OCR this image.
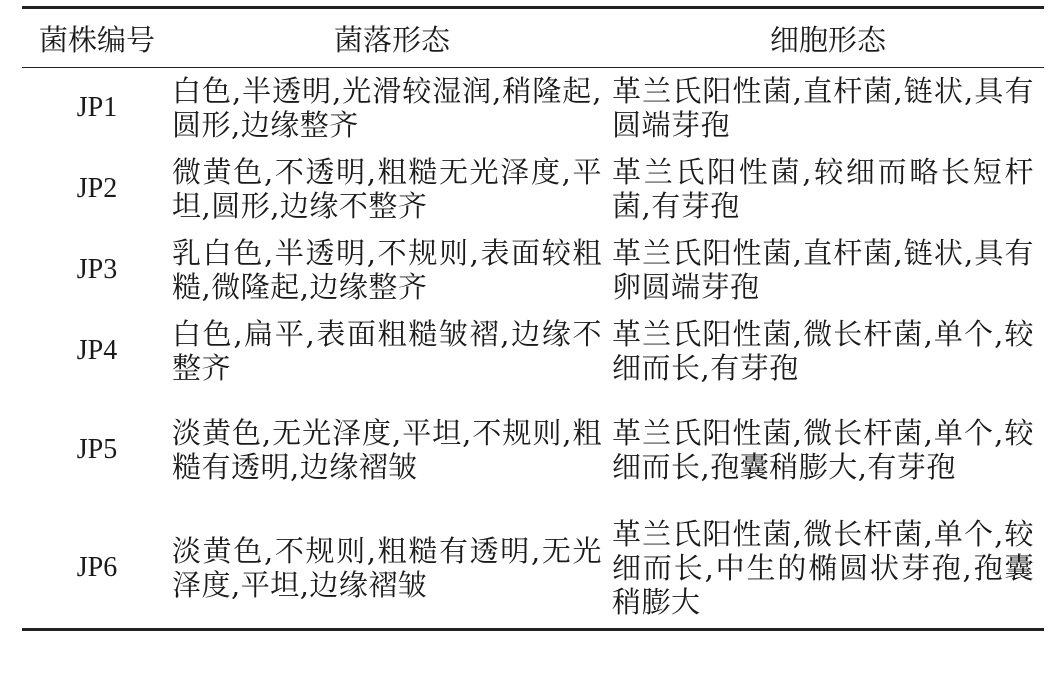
菌株编号	菌落形态	细胞形态
JP1	白色,半透明,光滑较湿润,稍隆起,圆形,边缘整齐	革兰氏阳性菌,直杆菌,链状,具有圆端芽孢
JP2	微黄色,不透明,粗糙无光泽度,平坦,圆形,边缘不整齐	革兰氏阳性菌,较细而略长短杆菌,有芽孢
JP3	乳白色,半透明,不规则,表面较粗糙,微隆起,边缘整齐	革兰氏阳性菌,直杆菌,链状,具有卵圆端芽孢
JP4	白色,扁平,表面粗糙皱褶,边缘不整齐	革兰氏阳性菌,微长杆菌,单个,较细而长,有芽孢
JP5	淡黄色,无光泽度,平坦,不规则,粗糙有透明,边缘褶皱	革兰氏阳性菌,微长杆菌,单个,较细而长,孢囊稍膨大,有芽孢
JP6	淡黄色,不规则,粗糙有透明,无光泽度,平坦,边缘褶皱	革兰氏阳性菌,微长杆菌,单个,较细而长,中生的椭圆状芽孢,孢囊稍膨大
